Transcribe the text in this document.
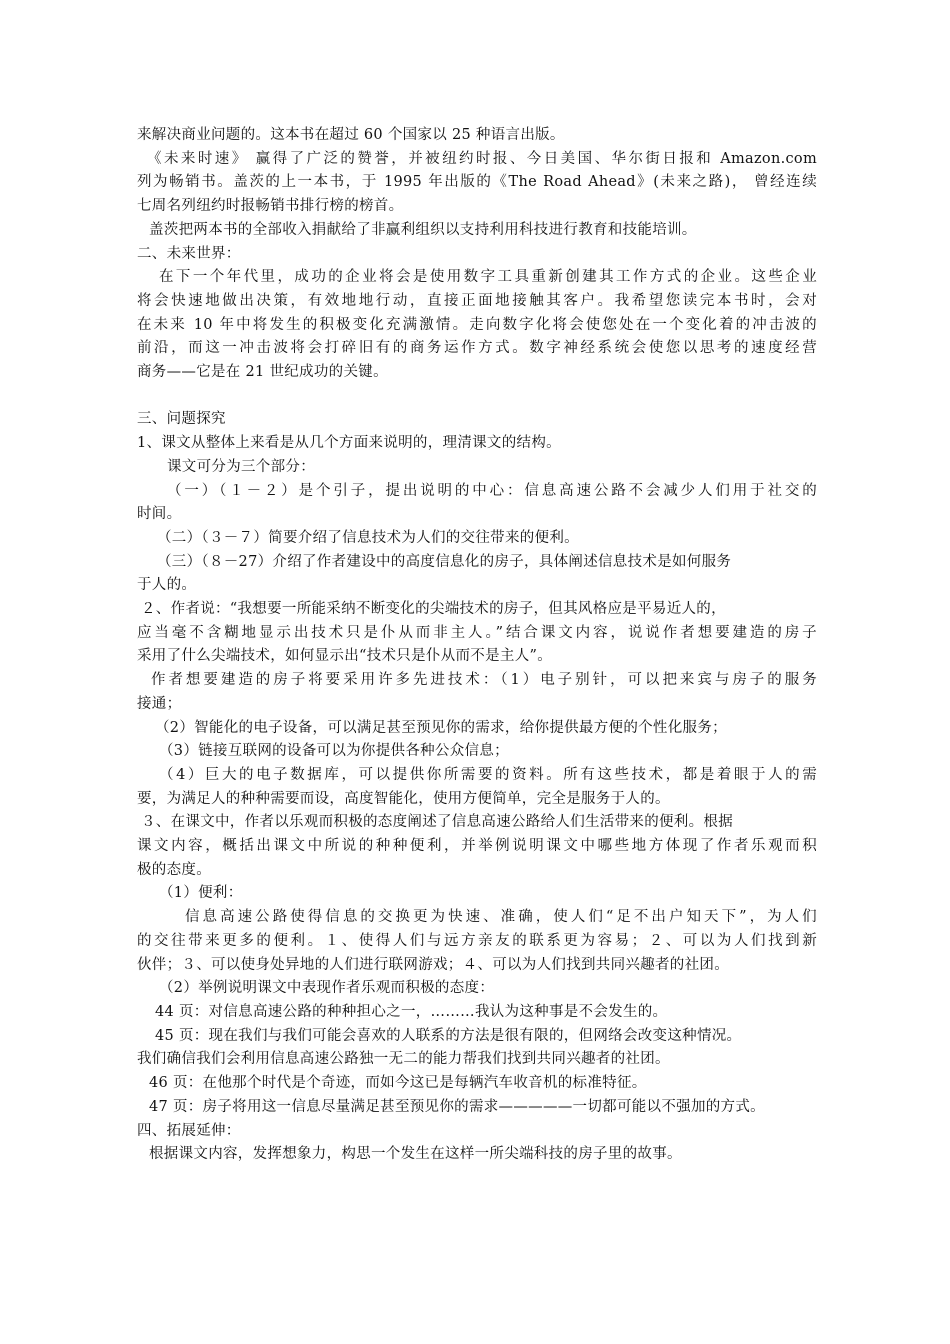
来解决商业问题的。这本书在超过 60 个国家以 25 种语言出版。
《未来时速》 赢得了广泛的赞誉，并被纽约时报、今日美国、华尔街日报和 Amazon.com
列为畅销书。盖茨的上一本书，于 1995 年出版的《The Road Ahead》(未来之路)， 曾经连续
七周名列纽约时报畅销书排行榜的榜首。
盖茨把两本书的全部收入捐献给了非赢利组织以支持利用科技进行教育和技能培训。
二、未来世界：
在下一个年代里，成功的企业将会是使用数字工具重新创建其工作方式的企业。这些企业
将会快速地做出决策，有效地地行动，直接正面地接触其客户。我希望您读完本书时，会对
在未来 10 年中将发生的积极变化充满激情。走向数字化将会使您处在一个变化着的冲击波的
前沿，而这一冲击波将会打碎旧有的商务运作方式。数字神经系统会使您以思考的速度经营
商务——它是在 21 世纪成功的关键。
三、问题探究
1、课文从整体上来看是从几个方面来说明的，理清课文的结构。
课文可分为三个部分：
（一）（１－２）是个引子，提出说明的中心：信息高速公路不会减少人们用于社交的
时间。
（二）（３－７）简要介绍了信息技术为人们的交往带来的便利。
（三）（８－27）介绍了作者建设中的高度信息化的房子，具体阐述信息技术是如何服务
于人的。
２、作者说：“我想要一所能采纳不断变化的尖端技术的房子，但其风格应是平易近人的，
应当毫不含糊地显示出技术只是仆从而非主人。”结合课文内容，说说作者想要建造的房子
采用了什么尖端技术，如何显示出“技术只是仆从而不是主人”。
作者想要建造的房子将要采用许多先进技术：（1）电子别针，可以把来宾与房子的服务
接通；
（2）智能化的电子设备，可以满足甚至预见你的需求，给你提供最方便的个性化服务；
（3）链接互联网的设备可以为你提供各种公众信息；
（4）巨大的电子数据库，可以提供你所需要的资料。所有这些技术，都是着眼于人的需
要，为满足人的种种需要而设，高度智能化，使用方便简单，完全是服务于人的。
３、在课文中，作者以乐观而积极的态度阐述了信息高速公路给人们生活带来的便利。根据
课文内容，概括出课文中所说的种种便利，并举例说明课文中哪些地方体现了作者乐观而积
极的态度。
（1）便利：
信息高速公路使得信息的交换更为快速、准确，使人们“足不出户知天下”，为人们
的交往带来更多的便利。１、使得人们与远方亲友的联系更为容易；２、可以为人们找到新
伙伴；３、可以使身处异地的人们进行联网游戏；４、可以为人们找到共同兴趣者的社团。
（2）举例说明课文中表现作者乐观而积极的态度：
44 页：对信息高速公路的种种担心之一，………我认为这种事是不会发生的。
45 页：现在我们与我们可能会喜欢的人联系的方法是很有限的，但网络会改变这种情况。
我们确信我们会利用信息高速公路独一无二的能力帮我们找到共同兴趣者的社团。
46 页：在他那个时代是个奇迹，而如今这已是每辆汽车收音机的标准特征。
47 页：房子将用这一信息尽量满足甚至预见你的需求—————一切都可能以不强加的方式。
四、拓展延伸：
根据课文内容，发挥想象力，构思一个发生在这样一所尖端科技的房子里的故事。
